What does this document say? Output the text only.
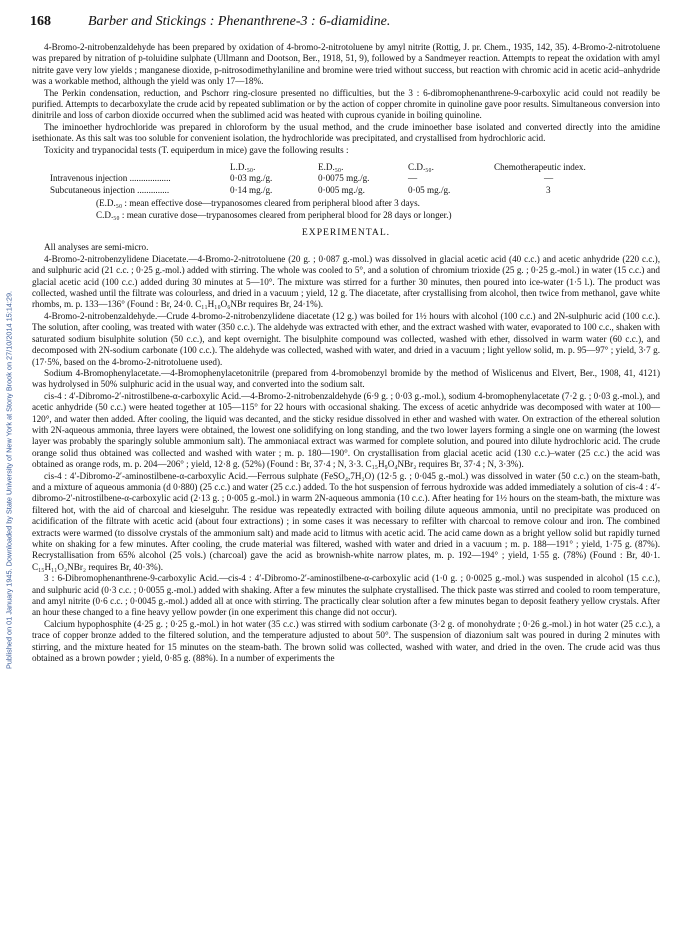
Published on 01 January 1945. Downloaded by State University of New York at Stony Brook on 27/10/2014 15:14:29.
168	Barber and Stickings : Phenanthrene-3 : 6-diamidine.

4-Bromo-2-nitrobenzaldehyde has been prepared by oxidation of 4-bromo-2-nitrotoluene by amyl nitrite (Rottig, J. pr. Chem., 1935, 142, 35). 4-Bromo-2-nitrotoluene was prepared by nitration of p-toluidine sulphate (Ullmann and Dootson, Ber., 1918, 51, 9), followed by a Sandmeyer reaction. Attempts to repeat the oxidation with amyl nitrite gave very low yields ; manganese dioxide, p-nitrosodimethylaniline and bromine were tried without success, but reaction with chromic acid in acetic acid–anhydride was a workable method, although the yield was only 17—18%.

The Perkin condensation, reduction, and Pschorr ring-closure presented no difficulties, but the 3 : 6-dibromophenanthrene-9-carboxylic acid could not readily be purified. Attempts to decarboxylate the crude acid by repeated sublimation or by the action of copper chromite in quinoline gave poor results. Simultaneous conversion into dinitrile and loss of carbon dioxide occurred when the sublimed acid was heated with cuprous cyanide in boiling quinoline.

The iminoether hydrochloride was prepared in chloroform by the usual method, and the crude iminoether base isolated and converted directly into the amidine isethionate. As this salt was too soluble for convenient isolation, the hydrochloride was precipitated, and crystallised from hydrochloric acid.

Toxicity and trypanocidal tests (T. equiperdum in mice) gave the following results :

L.D.₅₀.	E.D.₅₀.	C.D.₅₀.	Chemotherapeutic index.
Intravenous injection ..................	0·03 mg./g.	0·0075 mg./g.	—	—
Subcutaneous injection ..............	0·14 mg./g.	0·005 mg./g.	0·05 mg./g.	3
(E.D.₅₀ : mean effective dose—trypanosomes cleared from peripheral blood after 3 days.
C.D.₅₀ : mean curative dose—trypanosomes cleared from peripheral blood for 28 days or longer.)
EXPERIMENTAL.

All analyses are semi-micro.

4-Bromo-2-nitrobenzylidene Diacetate.—4-Bromo-2-nitrotoluene (20 g. ; 0·087 g.-mol.) was dissolved in glacial acetic acid (40 c.c.) and acetic anhydride (220 c.c.), and sulphuric acid (21 c.c. ; 0·25 g.-mol.) added with stirring. The whole was cooled to 5°, and a solution of chromium trioxide (25 g. ; 0·25 g.-mol.) in water (15 c.c.) and glacial acetic acid (100 c.c.) added during 30 minutes at 5—10°. The mixture was stirred for a further 30 minutes, then poured into ice-water (1·5 l.). The product was collected, washed until the filtrate was colourless, and dried in a vacuum ; yield, 12 g. The diacetate, after crystallising from alcohol, then twice from methanol, gave white rhombs, m. p. 133—136° (Found : Br, 24·0. C₁₁H₁₀O₆NBr requires Br, 24·1%).

4-Bromo-2-nitrobenzaldehyde.—Crude 4-bromo-2-nitrobenzylidene diacetate (12 g.) was boiled for 1½ hours with alcohol (100 c.c.) and 2N-sulphuric acid (100 c.c.). The solution, after cooling, was treated with water (350 c.c.). The aldehyde was extracted with ether, and the extract washed with water, evaporated to 100 c.c., shaken with saturated sodium bisulphite solution (50 c.c.), and kept overnight. The bisulphite compound was collected, washed with ether, dissolved in warm water (60 c.c.), and decomposed with 2N-sodium carbonate (100 c.c.). The aldehyde was collected, washed with water, and dried in a vacuum ; light yellow solid, m. p. 95—97° ; yield, 3·7 g. (17·5%, based on the 4-bromo-2-nitrotoluene used).

Sodium 4-Bromophenylacetate.—4-Bromophenylacetonitrile (prepared from 4-bromobenzyl bromide by the method of Wislicenus and Elvert, Ber., 1908, 41, 4121) was hydrolysed in 50% sulphuric acid in the usual way, and converted into the sodium salt.

cis-4 : 4′-Dibromo-2′-nitrostilbene-α-carboxylic Acid.—4-Bromo-2-nitrobenzaldehyde (6·9 g. ; 0·03 g.-mol.), sodium 4-bromophenylacetate (7·2 g. ; 0·03 g.-mol.), and acetic anhydride (50 c.c.) were heated together at 105—115° for 22 hours with occasional shaking. The excess of acetic anhydride was decomposed with water at 100—120°, and water then added. After cooling, the liquid was decanted, and the sticky residue dissolved in ether and washed with water. On extraction of the ethereal solution with 2N-aqueous ammonia, three layers were obtained, the lowest one solidifying on long standing, and the two lower layers forming a single one on warming (the lowest layer was probably the sparingly soluble ammonium salt). The ammoniacal extract was warmed for complete solution, and poured into dilute hydrochloric acid. The crude orange solid thus obtained was collected and washed with water ; m. p. 180—190°. On crystallisation from glacial acetic acid (130 c.c.)–water (25 c.c.) the acid was obtained as orange rods, m. p. 204—206° ; yield, 12·8 g. (52%) (Found : Br, 37·4 ; N, 3·3. C₁₅H₉O₄NBr₂ requires Br, 37·4 ; N, 3·3%).

cis-4 : 4′-Dibromo-2′-aminostilbene-α-carboxylic Acid.—Ferrous sulphate (FeSO₄,7H₂O) (12·5 g. ; 0·045 g.-mol.) was dissolved in water (50 c.c.) on the steam-bath, and a mixture of aqueous ammonia (d 0·880) (25 c.c.) and water (25 c.c.) added. To the hot suspension of ferrous hydroxide was added immediately a solution of cis-4 : 4′-dibromo-2′-nitrostilbene-α-carboxylic acid (2·13 g. ; 0·005 g.-mol.) in warm 2N-aqueous ammonia (10 c.c.). After heating for 1½ hours on the steam-bath, the mixture was filtered hot, with the aid of charcoal and kieselguhr. The residue was repeatedly extracted with boiling dilute aqueous ammonia, until no precipitate was produced on acidification of the filtrate with acetic acid (about four extractions) ; in some cases it was necessary to refilter with charcoal to remove colour and iron. The combined extracts were warmed (to dissolve crystals of the ammonium salt) and made acid to litmus with acetic acid. The acid came down as a bright yellow solid but rapidly turned white on shaking for a few minutes. After cooling, the crude material was filtered, washed with water and dried in a vacuum ; m. p. 188—191° ; yield, 1·75 g. (87%). Recrystallisation from 65% alcohol (25 vols.) (charcoal) gave the acid as brownish-white narrow plates, m. p. 192—194° ; yield, 1·55 g. (78%) (Found : Br, 40·1. C₁₅H₁₁O₂NBr₂ requires Br, 40·3%).

3 : 6-Dibromophenanthrene-9-carboxylic Acid.—cis-4 : 4′-Dibromo-2′-aminostilbene-α-carboxylic acid (1·0 g. ; 0·0025 g.-mol.) was suspended in alcohol (15 c.c.), and sulphuric acid (0·3 c.c. ; 0·0055 g.-mol.) added with shaking. After a few minutes the sulphate crystallised. The thick paste was stirred and cooled to room temperature, and amyl nitrite (0·6 c.c. ; 0·0045 g.-mol.) added all at once with stirring. The practically clear solution after a few minutes began to deposit feathery yellow crystals. After an hour these changed to a fine heavy yellow powder (in one experiment this change did not occur).

Calcium hypophosphite (4·25 g. ; 0·25 g.-mol.) in hot water (35 c.c.) was stirred with sodium carbonate (3·2 g. of monohydrate ; 0·26 g.-mol.) in hot water (25 c.c.), a trace of copper bronze added to the filtered solution, and the temperature adjusted to about 50°. The suspension of diazonium salt was poured in during 2 minutes with stirring, and the mixture heated for 15 minutes on the steam-bath. The brown solid was collected, washed with water, and dried in the oven. The crude acid was thus obtained as a brown powder ; yield, 0·85 g. (88%). In a number of experiments the
